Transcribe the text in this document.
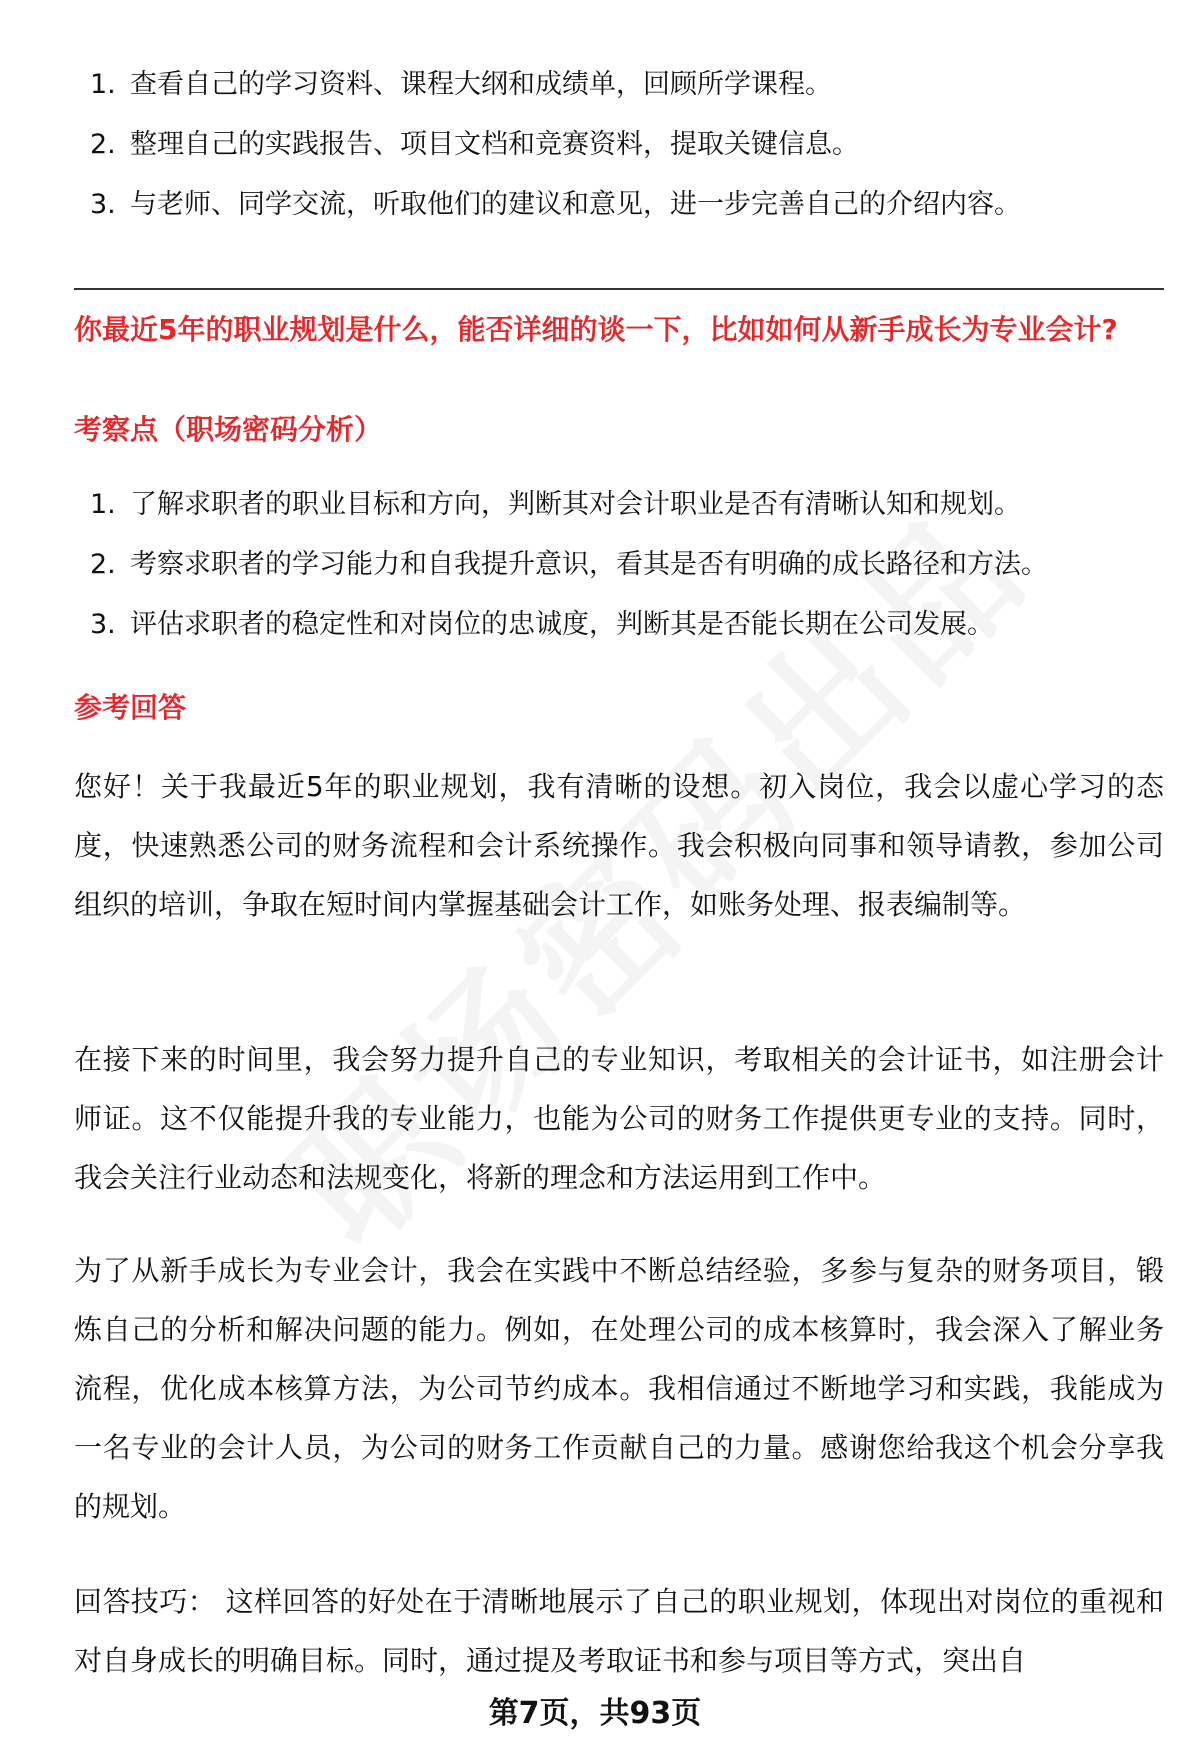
1. 查看自己的学习资料、课程大纲和成绩单，回顾所学课程。
2. 整理自己的实践报告、项目文档和竞赛资料，提取关键信息。
3. 与老师、同学交流，听取他们的建议和意见，进一步完善自己的介绍内容。
你最近5年的职业规划是什么，能否详细的谈一下，比如如何从新手成长为专业会计?
考察点（职场密码分析）
1. 了解求职者的职业目标和方向，判断其对会计职业是否有清晰认知和规划。
2. 考察求职者的学习能力和自我提升意识，看其是否有明确的成长路径和方法。
3. 评估求职者的稳定性和对岗位的忠诚度，判断其是否能长期在公司发展。
参考回答

您好！关于我最近5年的职业规划，我有清晰的设想。初入岗位，我会以虚心学习的态度，快速熟悉公司的财务流程和会计系统操作。我会积极向同事和领导请教，参加公司组织的培训，争取在短时间内掌握基础会计工作，如账务处理、报表编制等。

在接下来的时间里，我会努力提升自己的专业知识，考取相关的会计证书，如注册会计师证。这不仅能提升我的专业能力，也能为公司的财务工作提供更专业的支持。同时，我会关注行业动态和法规变化，将新的理念和方法运用到工作中。

为了从新手成长为专业会计，我会在实践中不断总结经验，多参与复杂的财务项目，锻炼自己的分析和解决问题的能力。例如，在处理公司的成本核算时，我会深入了解业务流程，优化成本核算方法，为公司节约成本。我相信通过不断地学习和实践，我能成为一名专业的会计人员，为公司的财务工作贡献自己的力量。感谢您给我这个机会分享我的规划。

回答技巧： 这样回答的好处在于清晰地展示了自己的职业规划，体现出对岗位的重视和对自身成长的明确目标。同时，通过提及考取证书和参与项目等方式，突出自

第7页，共93页
